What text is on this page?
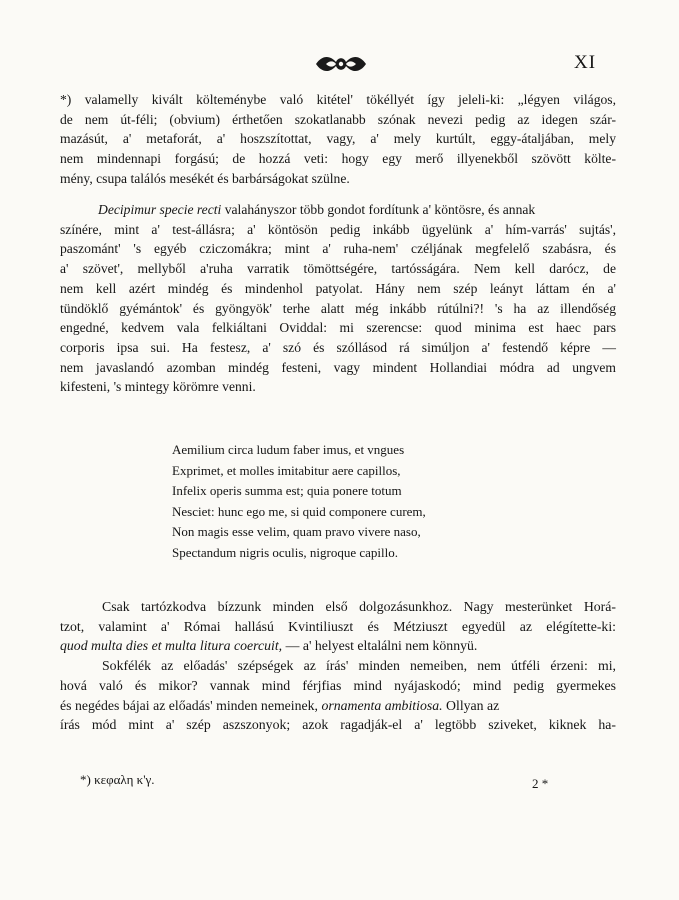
XI
*) valamelly kivált költeménybe való kitétel' tökéllyét így jeleli-ki: „légyen világos,
de nem út-féli; (obvium) érthetően szokatlanabb szónak nevezi pedig az idegen szár-
mazásút, a' metaforát, a' hoszszítottat, vagy, a' mely kurtúlt, eggy-átaljában, mely
nem mindennapi forgású; de hozzá veti: hogy egy merő illyenekből szövött költe-
mény, csupa találós mesékét és barbárságokat szülne.
Decipimur specie recti valahányszor több gondot fordítunk a' köntösre, és annak
színére, mint a' test-állásra; a' köntösön pedig inkább ügyelünk a' hím-varrás' sujtás',
paszománt' 's egyéb cziczomákra; mint a' ruha-nem' czéljának megfelelő szabásra, és
a' szövet', mellyből a'ruha varratik tömöttségére, tartósságára. Nem kell darócz, de
nem kell azért mindég és mindenhol patyolat. Hány nem szép leányt láttam én a'
tündöklő gyémántok' és gyöngyök' terhe alatt még inkább rútúlni?! 's ha az illendőség
engedné, kedvem vala felkiáltani Oviddal: mi szerencse: quod minima est haec pars
corporis ipsa sui. Ha festesz, a' szó és szóllásod rá simúljon a' festendő képre —
nem javaslandó azomban mindég festeni, vagy mindent Hollandiai módra ad ungvem
kifesteni, 's mintegy körömre venni.
Aemilium circa ludum faber imus, et vngues
Exprimet, et molles imitabitur aere capillos,
Infelix operis summa est; quia ponere totum
Nesciet: hunc ego me, si quid componere curem,
Non magis esse velim, quam pravo vivere naso,
Spectandum nigris oculis, nigroque capillo.
Csak tartózkodva bízzunk minden első dolgozásunkhoz. Nagy mesterünket Horá-
tzot, valamint a' Római hallású Kvintiliuszt és Métziuszt egyedül az elégítette-ki:
quod multa dies et multa litura coercuit, — a' helyest eltalálni nem könnyü.
Sokfélék az előadás' szépségek az írás' minden nemeiben, nem útféli érzeni: mi,
hová való és mikor? vannak mind férjfias mind nyájaskodó; mind pedig gyermekes
és negédes bájai az előadás' minden nemeinek, ornamenta ambitiosa. Ollyan az
írás mód mint a' szép aszszonyok; azok ragadják-el a' legtöbb sziveket, kiknek ha-
*) κεφαλη κ'γ.	2 *
